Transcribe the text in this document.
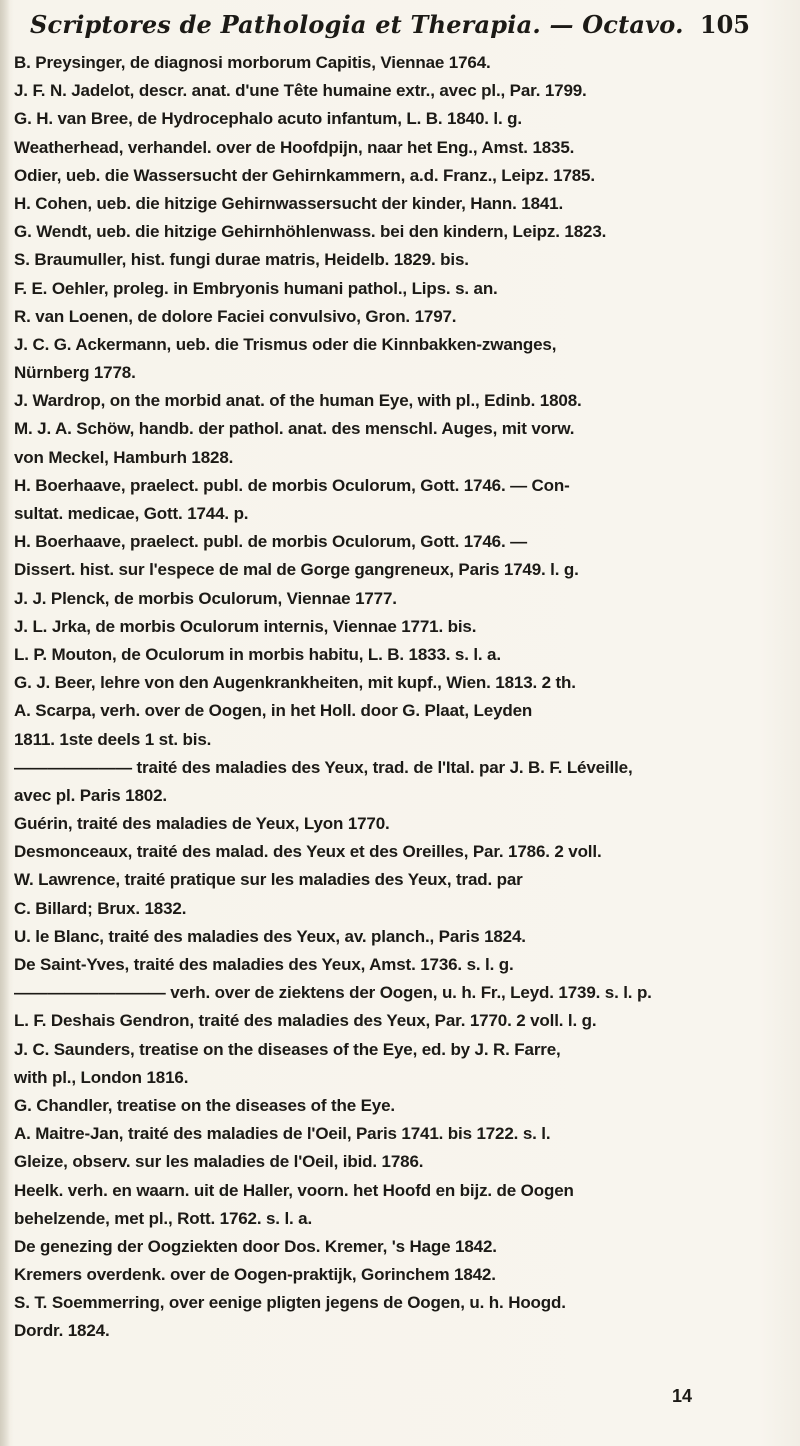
Scriptores de Pathologia et Therapia. — Octavo. 105
B. Preysinger, de diagnosi morborum Capitis, Viennae 1764.
J. F. N. Jadelot, descr. anat. d'une Tête humaine extr., avec pl., Par. 1799.
G. H. van Bree, de Hydrocephalo acuto infantum, L. B. 1840. l. g.
Weatherhead, verhandel. over de Hoofdpijn, naar het Eng., Amst. 1835.
Odier, ueb. die Wassersucht der Gehirnkammern, a.d. Franz., Leipz. 1785.
H. Cohen, ueb. die hitzige Gehirnwassersucht der kinder, Hann. 1841.
G. Wendt, ueb. die hitzige Gehirnhöhlenwass. bei den kindern, Leipz. 1823.
S. Braumuller, hist. fungi durae matris, Heidelb. 1829. bis.
F. E. Oehler, proleg. in Embryonis humani pathol., Lips. s. an.
R. van Loenen, de dolore Faciei convulsivo, Gron. 1797.
J. C. G. Ackermann, ueb. die Trismus oder die Kinnbakken-zwanges,
Nürnberg 1778.
J. Wardrop, on the morbid anat. of the human Eye, with pl., Edinb. 1808.
M. J. A. Schöw, handb. der pathol. anat. des menschl. Auges, mit vorw.
von Meckel, Hamburh 1828.
H. Boerhaave, praelect. publ. de morbis Oculorum, Gott. 1746. — Con-
sultat. medicae, Gott. 1744. p.
H. Boerhaave, praelect. publ. de morbis Oculorum, Gott. 1746. —
Dissert. hist. sur l'espece de mal de Gorge gangreneux, Paris 1749. l. g.
J. J. Plenck, de morbis Oculorum, Viennae 1777.
J. L. Jrka, de morbis Oculorum internis, Viennae 1771. bis.
L. P. Mouton, de Oculorum in morbis habitu, L. B. 1833. s. l. a.
G. J. Beer, lehre von den Augenkrankheiten, mit kupf., Wien. 1813. 2 th.
A. Scarpa, verh. over de Oogen, in het Holl. door G. Plaat, Leyden
1811. 1ste deels 1 st. bis.
——————— traité des maladies des Yeux, trad. de l'Ital. par J. B. F. Léveille,
avec pl. Paris 1802.
Guérin, traité des maladies de Yeux, Lyon 1770.
Desmonceaux, traité des malad. des Yeux et des Oreilles, Par. 1786. 2 voll.
W. Lawrence, traité pratique sur les maladies des Yeux, trad. par
C. Billard; Brux. 1832.
U. le Blanc, traité des maladies des Yeux, av. planch., Paris 1824.
De Saint-Yves, traité des maladies des Yeux, Amst. 1736. s. l. g.
————————— verh. over de ziektens der Oogen, u. h. Fr., Leyd. 1739. s. l. p.
L. F. Deshais Gendron, traité des maladies des Yeux, Par. 1770. 2 voll. l. g.
J. C. Saunders, treatise on the diseases of the Eye, ed. by J. R. Farre,
with pl., London 1816.
G. Chandler, treatise on the diseases of the Eye.
A. Maitre-Jan, traité des maladies de l'Oeil, Paris 1741. bis 1722. s. l.
Gleize, observ. sur les maladies de l'Oeil, ibid. 1786.
Heelk. verh. en waarn. uit de Haller, voorn. het Hoofd en bijz. de Oogen
behelzende, met pl., Rott. 1762. s. l. a.
De genezing der Oogziekten door Dos. Kremer, 's Hage 1842.
Kremers overdenk. over de Oogen-praktijk, Gorinchem 1842.
S. T. Soemmerring, over eenige pligten jegens de Oogen, u. h. Hoogd.
Dordr. 1824.
14
